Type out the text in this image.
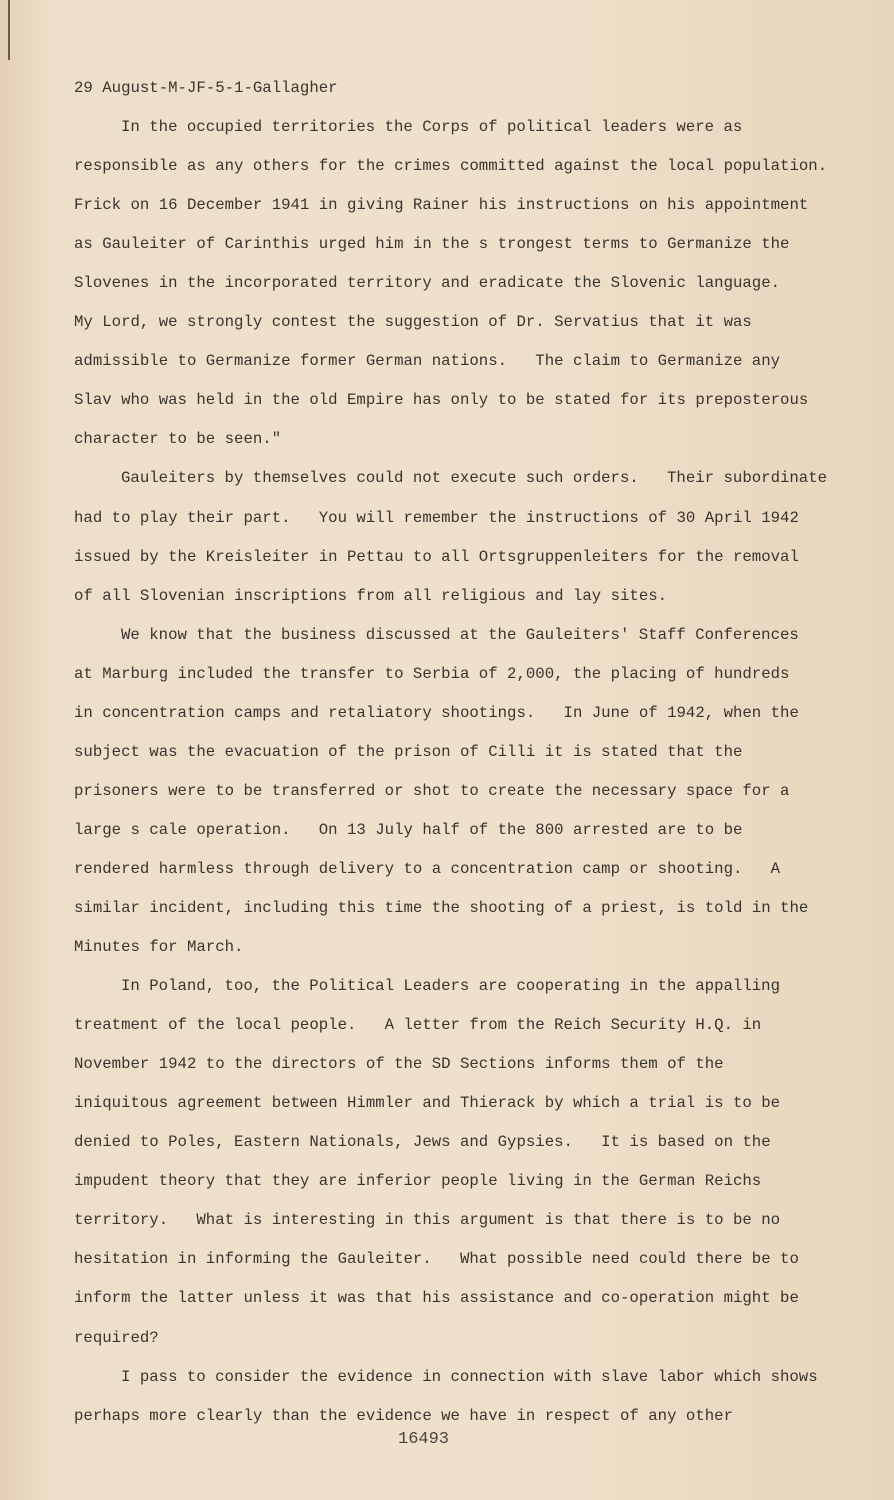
29 August-M-JF-5-1-Gallagher
In the occupied territories the Corps of political leaders were as
responsible as any others for the crimes committed against the local population.
Frick on 16 December 1941 in giving Rainer his instructions on his appointment
as Gauleiter of Carinthis urged him in the s trongest terms to Germanize the
Slovenes in the incorporated territory and eradicate the Slovenic language.
My Lord, we strongly contest the suggestion of Dr. Servatius that it was
admissible to Germanize former German nations.   The claim to Germanize any
Slav who was held in the old Empire has only to be stated for its preposterous
character to be seen."
Gauleiters by themselves could not execute such orders.   Their subordinate
had to play their part.   You will remember the instructions of 30 April 1942
issued by the Kreisleiter in Pettau to all Ortsgruppenleiters for the removal
of all Slovenian inscriptions from all religious and lay sites.
We know that the business discussed at the Gauleiters' Staff Conferences
at Marburg included the transfer to Serbia of 2,000, the placing of hundreds
in concentration camps and retaliatory shootings.   In June of 1942, when the
subject was the evacuation of the prison of Cilli it is stated that the
prisoners were to be transferred or shot to create the necessary space for a
large s cale operation.   On 13 July half of the 800 arrested are to be
rendered harmless through delivery to a concentration camp or shooting.   A
similar incident, including this time the shooting of a priest, is told in the
Minutes for March.
In Poland, too, the Political Leaders are cooperating in the appalling
treatment of the local people.   A letter from the Reich Security H.Q. in
November 1942 to the directors of the SD Sections informs them of the
iniquitous agreement between Himmler and Thierack by which a trial is to be
denied to Poles, Eastern Nationals, Jews and Gypsies.   It is based on the
impudent theory that they are inferior people living in the German Reichs
territory.   What is interesting in this argument is that there is to be no
hesitation in informing the Gauleiter.   What possible need could there be to
inform the latter unless it was that his assistance and co-operation might be
required?
I pass to consider the evidence in connection with slave labor which shows
perhaps more clearly than the evidence we have in respect of any other
16493
